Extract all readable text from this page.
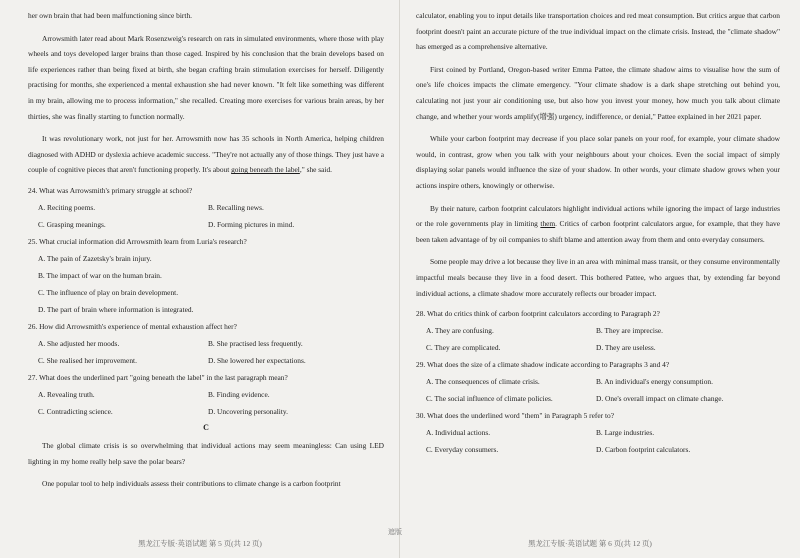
her own brain that had been malfunctioning since birth.

Arrowsmith later read about Mark Rosenzweig's research on rats in simulated environments, where those with play wheels and toys developed larger brains than those caged. Inspired by his conclusion that the brain develops based on life experiences rather than being fixed at birth, she began crafting brain stimulation exercises for herself. Diligently practising for months, she experienced a mental exhaustion she had never known. "It felt like something was different in my brain, allowing me to process information," she recalled. Creating more exercises for various brain areas, by her thirties, she was finally starting to function normally.

It was revolutionary work, not just for her. Arrowsmith now has 35 schools in North America, helping children diagnosed with ADHD or dyslexia achieve academic success. "They're not actually any of those things. They just have a couple of cognitive pieces that aren't functioning properly. It's about going beneath the label," she said.

24. What was Arrowsmith's primary struggle at school?

A. Reciting poems.	B. Recalling news.
C. Grasping meanings.	D. Forming pictures in mind.

25. What crucial information did Arrowsmith learn from Luria's research?

A. The pain of Zazetsky's brain injury.
B. The impact of war on the human brain.
C. The influence of play on brain development.
D. The part of brain where information is integrated.

26. How did Arrowsmith's experience of mental exhaustion affect her?

A. She adjusted her moods.	B. She practised less frequently.
C. She realised her improvement.	D. She lowered her expectations.

27. What does the underlined part "going beneath the label" in the last paragraph mean?

A. Revealing truth.	B. Finding evidence.
C. Contradicting science.	D. Uncovering personality.
C

The global climate crisis is so overwhelming that individual actions may seem meaningless: Can using LED lighting in my home really help save the polar bears?

One popular tool to help individuals assess their contributions to climate change is a carbon footprint

黑龙江专版·英语试题 第 5 页(共 12 页)
遮版

calculator, enabling you to input details like transportation choices and red meat consumption. But critics argue that carbon footprint doesn't paint an accurate picture of the true individual impact on the climate crisis. Instead, the "climate shadow" has emerged as a comprehensive alternative.

First coined by Portland, Oregon-based writer Emma Pattee, the climate shadow aims to visualise how the sum of one's life choices impacts the climate emergency. "Your climate shadow is a dark shape stretching out behind you, calculating not just your air conditioning use, but also how you invest your money, how much you talk about climate change, and whether your words amplify(增强) urgency, indifference, or denial," Pattee explained in her 2021 paper.

While your carbon footprint may decrease if you place solar panels on your roof, for example, your climate shadow would, in contrast, grow when you talk with your neighbours about your choices. Even the social impact of simply displaying solar panels would influence the size of your shadow. In other words, your climate shadow grows when your actions inspire others, knowingly or otherwise.

By their nature, carbon footprint calculators highlight individual actions while ignoring the impact of large industries or the role governments play in limiting them. Critics of carbon footprint calculators argue, for example, that they have been taken advantage of by oil companies to shift blame and attention away from them and onto everyday consumers.

Some people may drive a lot because they live in an area with minimal mass transit, or they consume environmentally impactful meals because they live in a food desert. This bothered Pattee, who argues that, by extending far beyond individual actions, a climate shadow more accurately reflects our broader impact.

28. What do critics think of carbon footprint calculators according to Paragraph 2?

A. They are confusing.	B. They are imprecise.
C. They are complicated.	D. They are useless.

29. What does the size of a climate shadow indicate according to Paragraphs 3 and 4?

A. The consequences of climate crisis.	B. An individual's energy consumption.
C. The social influence of climate policies.	D. One's overall impact on climate change.

30. What does the underlined word "them" in Paragraph 5 refer to?

A. Individual actions.	B. Large industries.
C. Everyday consumers.	D. Carbon footprint calculators.
黑龙江专版·英语试题 第 6 页(共 12 页)
